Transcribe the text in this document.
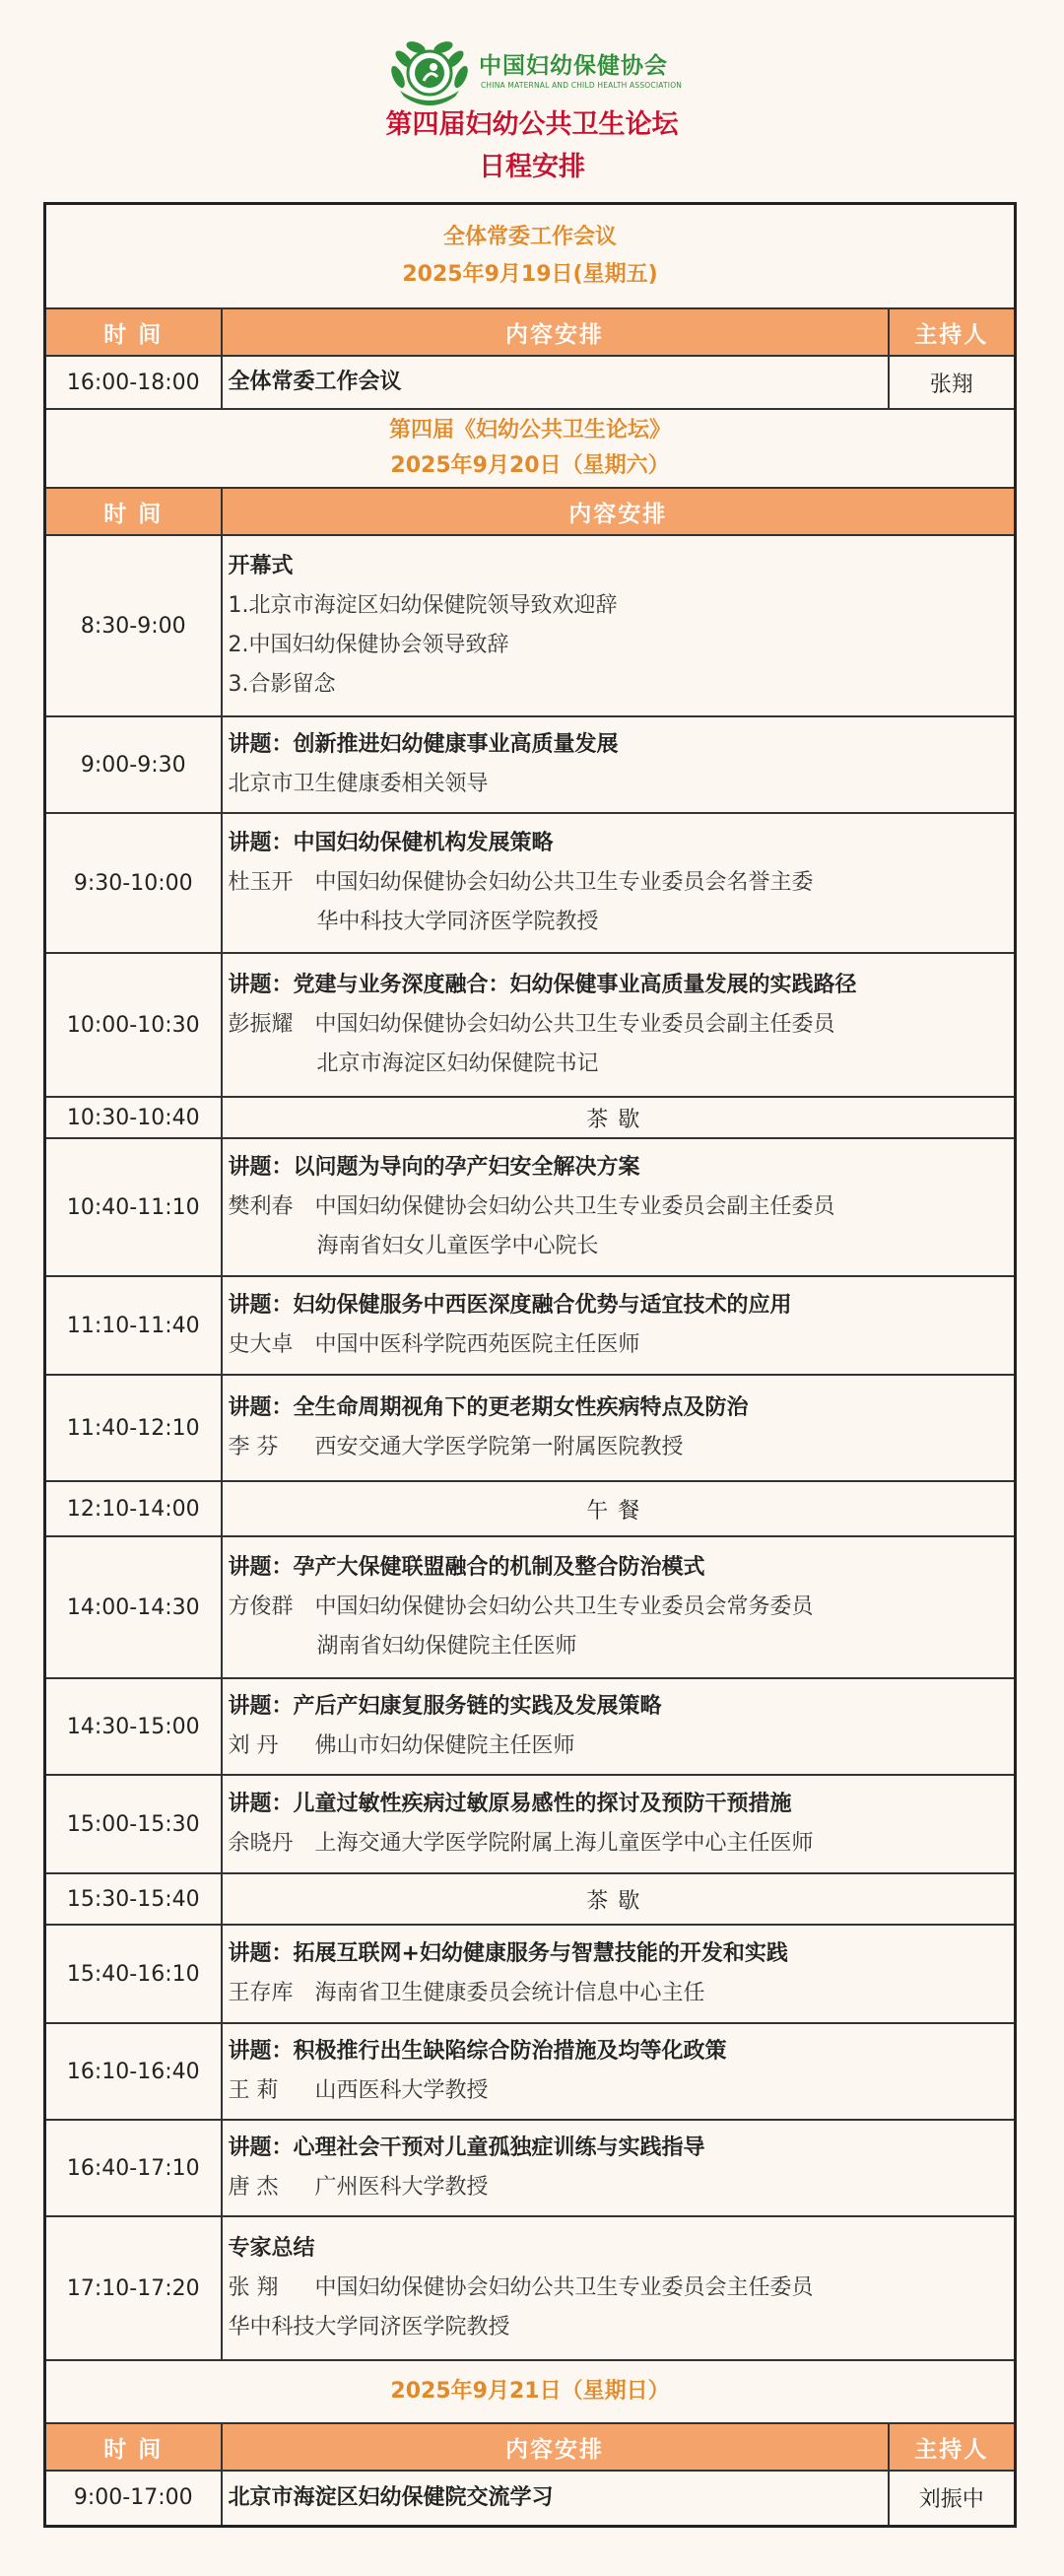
中国妇幼保健协会
CHINA MATERNAL AND CHILD HEALTH ASSOCIATION
第四届妇幼公共卫生论坛
日程安排
全体常委工作会议
2025年9月19日(星期五)		

时 间	内容安排	主持人
16:00-18:00	全体常委工作会议	张翔

第四届《妇幼公共卫生论坛》
2025年9月20日（星期六）		

时 间	内容安排	
8:30-9:00	开幕式
1.北京市海淀区妇幼保健院领导致欢迎辞
2.中国妇幼保健协会领导致辞
3.合影留念	

9:00-9:30	讲题：创新推进妇幼健康事业高质量发展
北京市卫生健康委相关领导	

9:30-10:00	讲题：中国妇幼保健机构发展策略
杜玉开 中国妇幼保健协会妇幼公共卫生专业委员会名誉主委
华中科技大学同济医学院教授	

10:00-10:30	讲题：党建与业务深度融合：妇幼保健事业高质量发展的实践路径
彭振耀 中国妇幼保健协会妇幼公共卫生专业委员会副主任委员
北京市海淀区妇幼保健院书记	

10:30-10:40	茶歇	
10:40-11:10	讲题：以问题为导向的孕产妇安全解决方案
樊利春 中国妇幼保健协会妇幼公共卫生专业委员会副主任委员
海南省妇女儿童医学中心院长	

11:10-11:40	讲题：妇幼保健服务中西医深度融合优势与适宜技术的应用
史大卓 中国中医科学院西苑医院主任医师	

11:40-12:10	讲题：全生命周期视角下的更老期女性疾病特点及防治
李 芬 西安交通大学医学院第一附属医院教授	

12:10-14:00	午餐	
14:00-14:30	讲题：孕产大保健联盟融合的机制及整合防治模式
方俊群 中国妇幼保健协会妇幼公共卫生专业委员会常务委员
湖南省妇幼保健院主任医师	

14:30-15:00	讲题：产后产妇康复服务链的实践及发展策略
刘 丹 佛山市妇幼保健院主任医师	

15:00-15:30	讲题：儿童过敏性疾病过敏原易感性的探讨及预防干预措施
余晓丹 上海交通大学医学院附属上海儿童医学中心主任医师	

15:30-15:40	茶歇	
15:40-16:10	讲题：拓展互联网+妇幼健康服务与智慧技能的开发和实践
王存库 海南省卫生健康委员会统计信息中心主任	

16:10-16:40	讲题：积极推行出生缺陷综合防治措施及均等化政策
王 莉 山西医科大学教授	

16:40-17:10	讲题：心理社会干预对儿童孤独症训练与实践指导
唐 杰 广州医科大学教授	

17:10-17:20	专家总结
张 翔 中国妇幼保健协会妇幼公共卫生专业委员会主任委员
华中科技大学同济医学院教授	

2025年9月21日（星期日）		

时 间	内容安排	主持人
9:00-17:00	北京市海淀区妇幼保健院交流学习	刘振中
